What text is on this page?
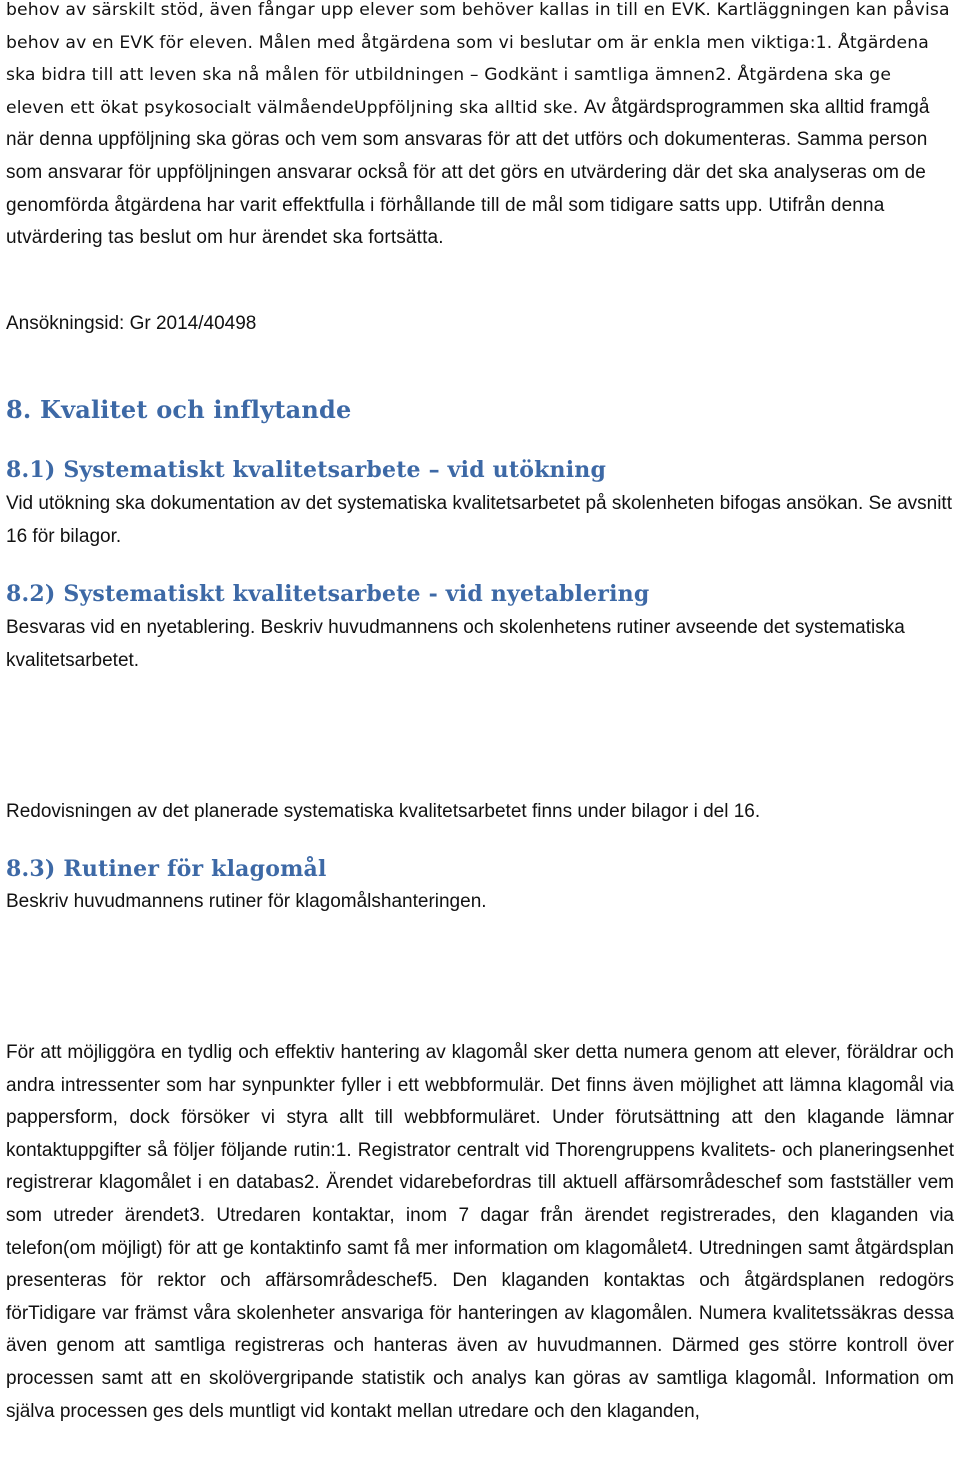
behov av särskilt stöd, även fångar upp elever som behöver kallas in till en EVK. Kartläggningen kan påvisa behov av en EVK för eleven. Målen med åtgärdena som vi beslutar om är enkla men viktiga:1. Åtgärdena ska bidra till att leven ska nå målen för utbildningen – Godkänt i samtliga ämnen2. Åtgärdena ska ge eleven ett ökat psykosocialt välmåendeUppföljning ska alltid ske. Av åtgärdsprogrammen ska alltid framgå när denna uppföljning ska göras och vem som ansvaras för att det utförs och dokumenteras. Samma person som ansvarar för uppföljningen ansvarar också för att det görs en utvärdering där det ska analyseras om de genomförda åtgärdena har varit effektfulla i förhållande till de mål som tidigare satts upp. Utifrån denna utvärdering tas beslut om hur ärendet ska fortsätta.

Ansökningsid: Gr 2014/40498

8. Kvalitet och inflytande
8.1) Systematiskt kvalitetsarbete – vid utökning

Vid utökning ska dokumentation av det systematiska kvalitetsarbetet på skolenheten bifogas ansökan. Se avsnitt 16 för bilagor.

8.2) Systematiskt kvalitetsarbete - vid nyetablering

Besvaras vid en nyetablering. Beskriv huvudmannens och skolenhetens rutiner avseende det systematiska kvalitetsarbetet.

Redovisningen av det planerade systematiska kvalitetsarbetet finns under bilagor i del 16.

8.3) Rutiner för klagomål

Beskriv huvudmannens rutiner för klagomålshanteringen.

För att möjliggöra en tydlig och effektiv hantering av klagomål sker detta numera genom att elever, föräldrar och andra intressenter som har synpunkter fyller i ett webbformulär. Det finns även möjlighet att lämna klagomål via pappersform, dock försöker vi styra allt till webbformuläret. Under förutsättning att den klagande lämnar kontaktuppgifter så följer följande rutin:1. Registrator centralt vid Thorengruppens kvalitets- och planeringsenhet registrerar klagomålet i en databas2. Ärendet vidarebefordras till aktuell affärsområdeschef som fastställer vem som utreder ärendet3. Utredaren kontaktar, inom 7 dagar från ärendet registrerades, den klaganden via telefon(om möjligt) för att ge kontaktinfo samt få mer information om klagomålet4. Utredningen samt åtgärdsplan presenteras för rektor och affärsområdeschef5. Den klaganden kontaktas och åtgärdsplanen redogörs förTidigare var främst våra skolenheter ansvariga för hanteringen av klagomålen. Numera kvalitetssäkras dessa även genom att samtliga registreras och hanteras även av huvudmannen. Därmed ges större kontroll över processen samt att en skolövergripande statistik och analys kan göras av samtliga klagomål. Information om själva processen ges dels muntligt vid kontakt mellan utredare och den klaganden,
